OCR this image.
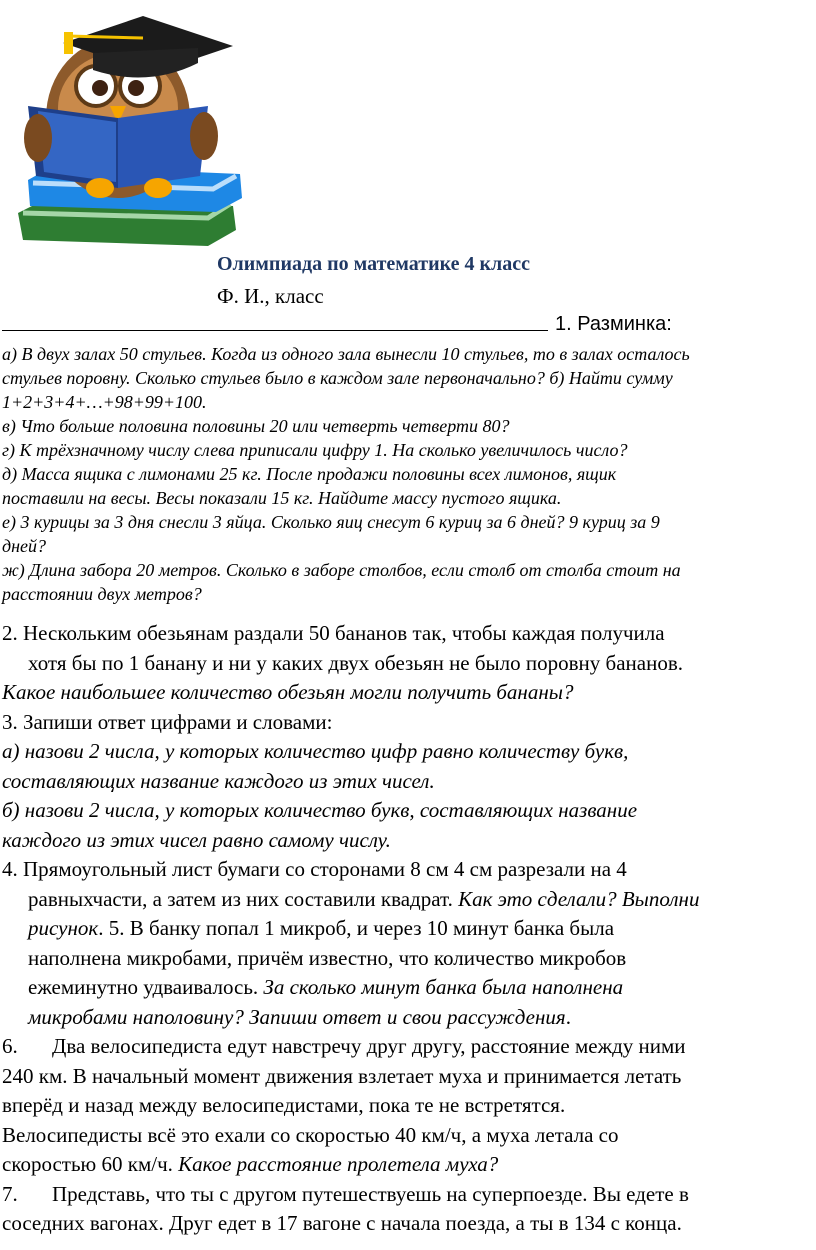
Олимпиада по математике 4 класс
Ф. И., класс
1. Разминка:
а) В двух залах 50 стульев. Когда из одного зала вынесли 10 стульев, то в залах осталось
стульев поровну. Сколько стульев было в каждом зале первоначально? б) Найти сумму
1+2+3+4+…+98+99+100.
в) Что больше половина половины 20 или четверть четверти 80?
г) К трёхзначному числу слева приписали цифру 1. На сколько увеличилось число?
д) Масса ящика с лимонами 25 кг. После продажи половины всех лимонов, ящик
поставили на весы. Весы показали 15 кг. Найдите массу пустого ящика.
е) 3 курицы за 3 дня снесли 3 яйца. Сколько яиц снесут 6 куриц за 6 дней? 9 куриц за 9
дней?
ж) Длина забора 20 метров. Сколько в заборе столбов, если столб от столба стоит на
расстоянии двух метров?
2. Нескольким обезьянам раздали 50 бананов так, чтобы каждая получила
хотя бы по 1 банану и ни у каких двух обезьян не было поровну бананов.
Какое наибольшее количество обезьян могли получить бананы?
3. Запиши ответ цифрами и словами:
а) назови 2 числа, у которых количество цифр равно количеству букв,
составляющих название каждого из этих чисел.
б) назови 2 числа, у которых количество букв, составляющих название
каждого из этих чисел равно самому числу.
4. Прямоугольный лист бумаги со сторонами 8 см 4 см разрезали на 4
равныхчасти, а затем из них составили квадрат. Как это сделали? Выполни
рисунок. 5. В банку попал 1 микроб, и через 10 минут банка была
наполнена микробами, причём известно, что количество микробов
ежеминутно удваивалось. За сколько минут банка была наполнена
микробами наполовину? Запиши ответ и свои рассуждения.
6. Два велосипедиста едут навстречу друг другу, расстояние между ними
240 км. В начальный момент движения взлетает муха и принимается летать
вперёд и назад между велосипедистами, пока те не встретятся.
Велосипедисты всё это ехали со скоростью 40 км/ч, а муха летала со
скоростью 60 км/ч. Какое расстояние пролетела муха?
7. Представь, что ты с другом путешествуешь на суперпоезде. Вы едете в
соседних вагонах. Друг едет в 17 вагоне с начала поезда, а ты в 134 с конца.
